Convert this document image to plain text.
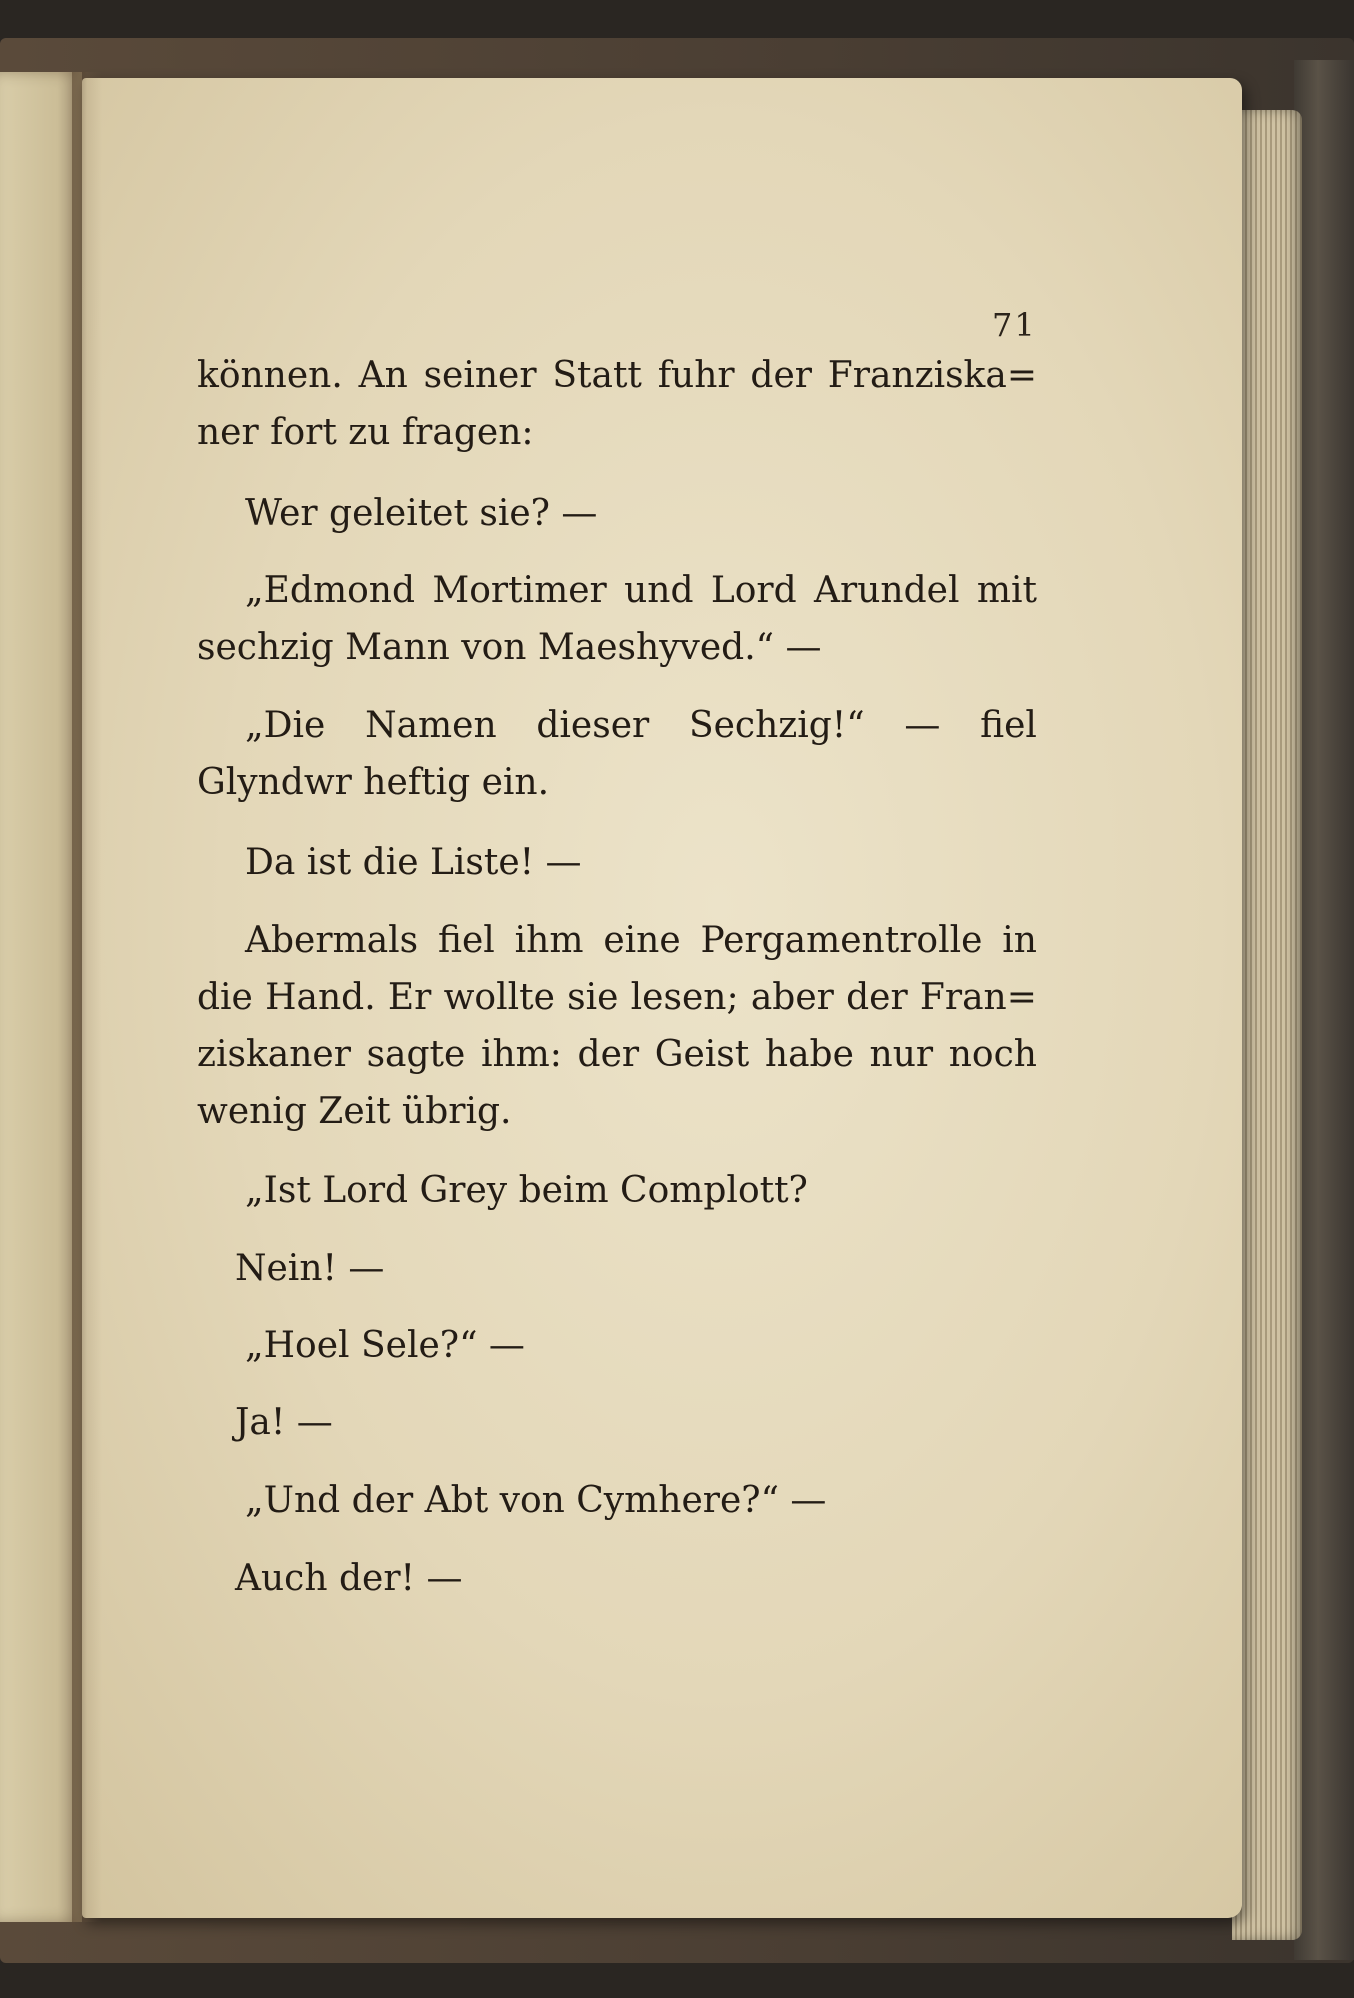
71
können. An seiner Statt fuhr der Franziska=
ner fort zu fragen:
Wer geleitet sie? —
„Edmond Mortimer und Lord Arundel mit
sechzig Mann von Maeshyved.“ —
„Die Namen dieser Sechzig!“ — fiel
Glyndwr heftig ein.
Da ist die Liste! —
Abermals fiel ihm eine Pergamentrolle in
die Hand. Er wollte sie lesen; aber der Fran=
ziskaner sagte ihm: der Geist habe nur noch
wenig Zeit übrig.
„Ist Lord Grey beim Complott?
Nein! —
„Hoel Sele?“ —
Ja! —
„Und der Abt von Cymhere?“ —
Auch der! —
